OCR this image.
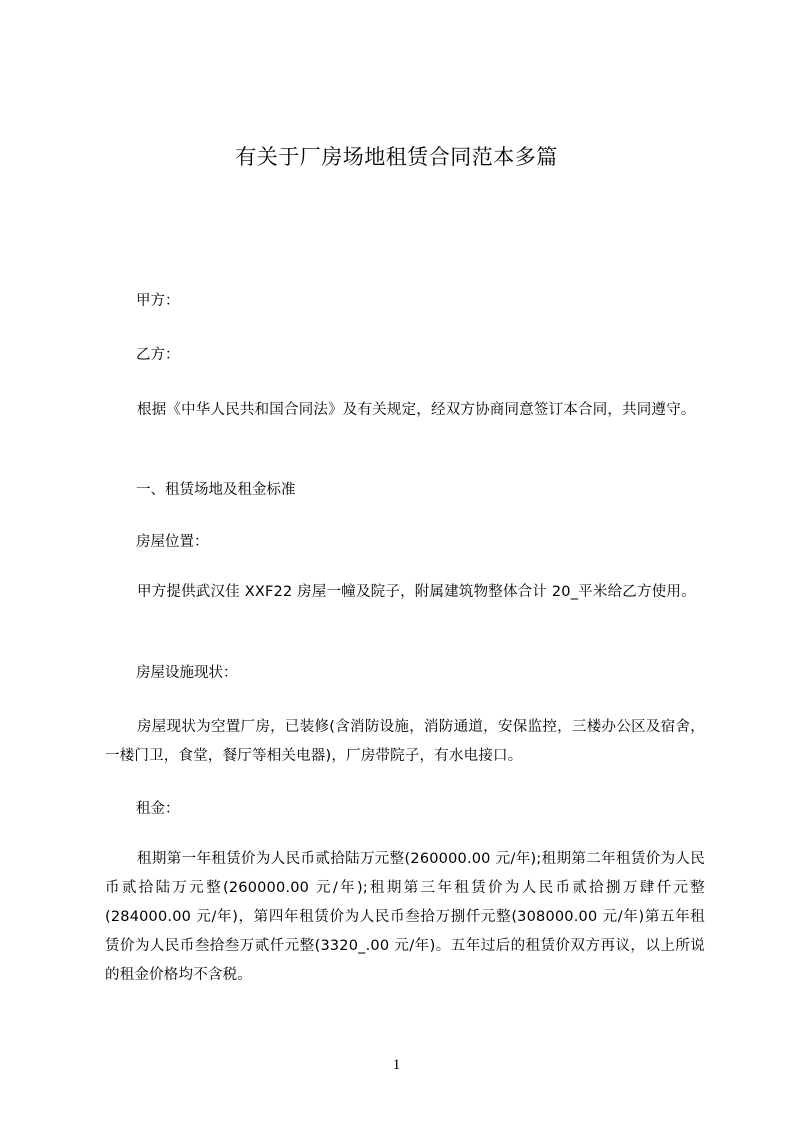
有关于厂房场地租赁合同范本多篇
甲方：
乙方：
根据《中华人民共和国合同法》及有关规定，经双方协商同意签订本合同，共同遵守。
一、租赁场地及租金标准
房屋位置：
甲方提供武汉佳 XXF22 房屋一幢及院子，附属建筑物整体合计 20_平米给乙方使用。
房屋设施现状：
房屋现状为空置厂房，已装修(含消防设施，消防通道，安保监控，三楼办公区及宿舍，一楼门卫，食堂，餐厅等相关电器)，厂房带院子，有水电接口。
租金：
租期第一年租赁价为人民币贰拾陆万元整(260000.00 元/年);租期第二年租赁价为人民币贰拾陆万元整(260000.00 元/年);租期第三年租赁价为人民币贰拾捌万肆仟元整(284000.00 元/年)，第四年租赁价为人民币叁拾万捌仟元整(308000.00 元/年)第五年租赁价为人民币叁拾叁万贰仟元整(3320_.00 元/年)。五年过后的租赁价双方再议，以上所说的租金价格均不含税。
1
